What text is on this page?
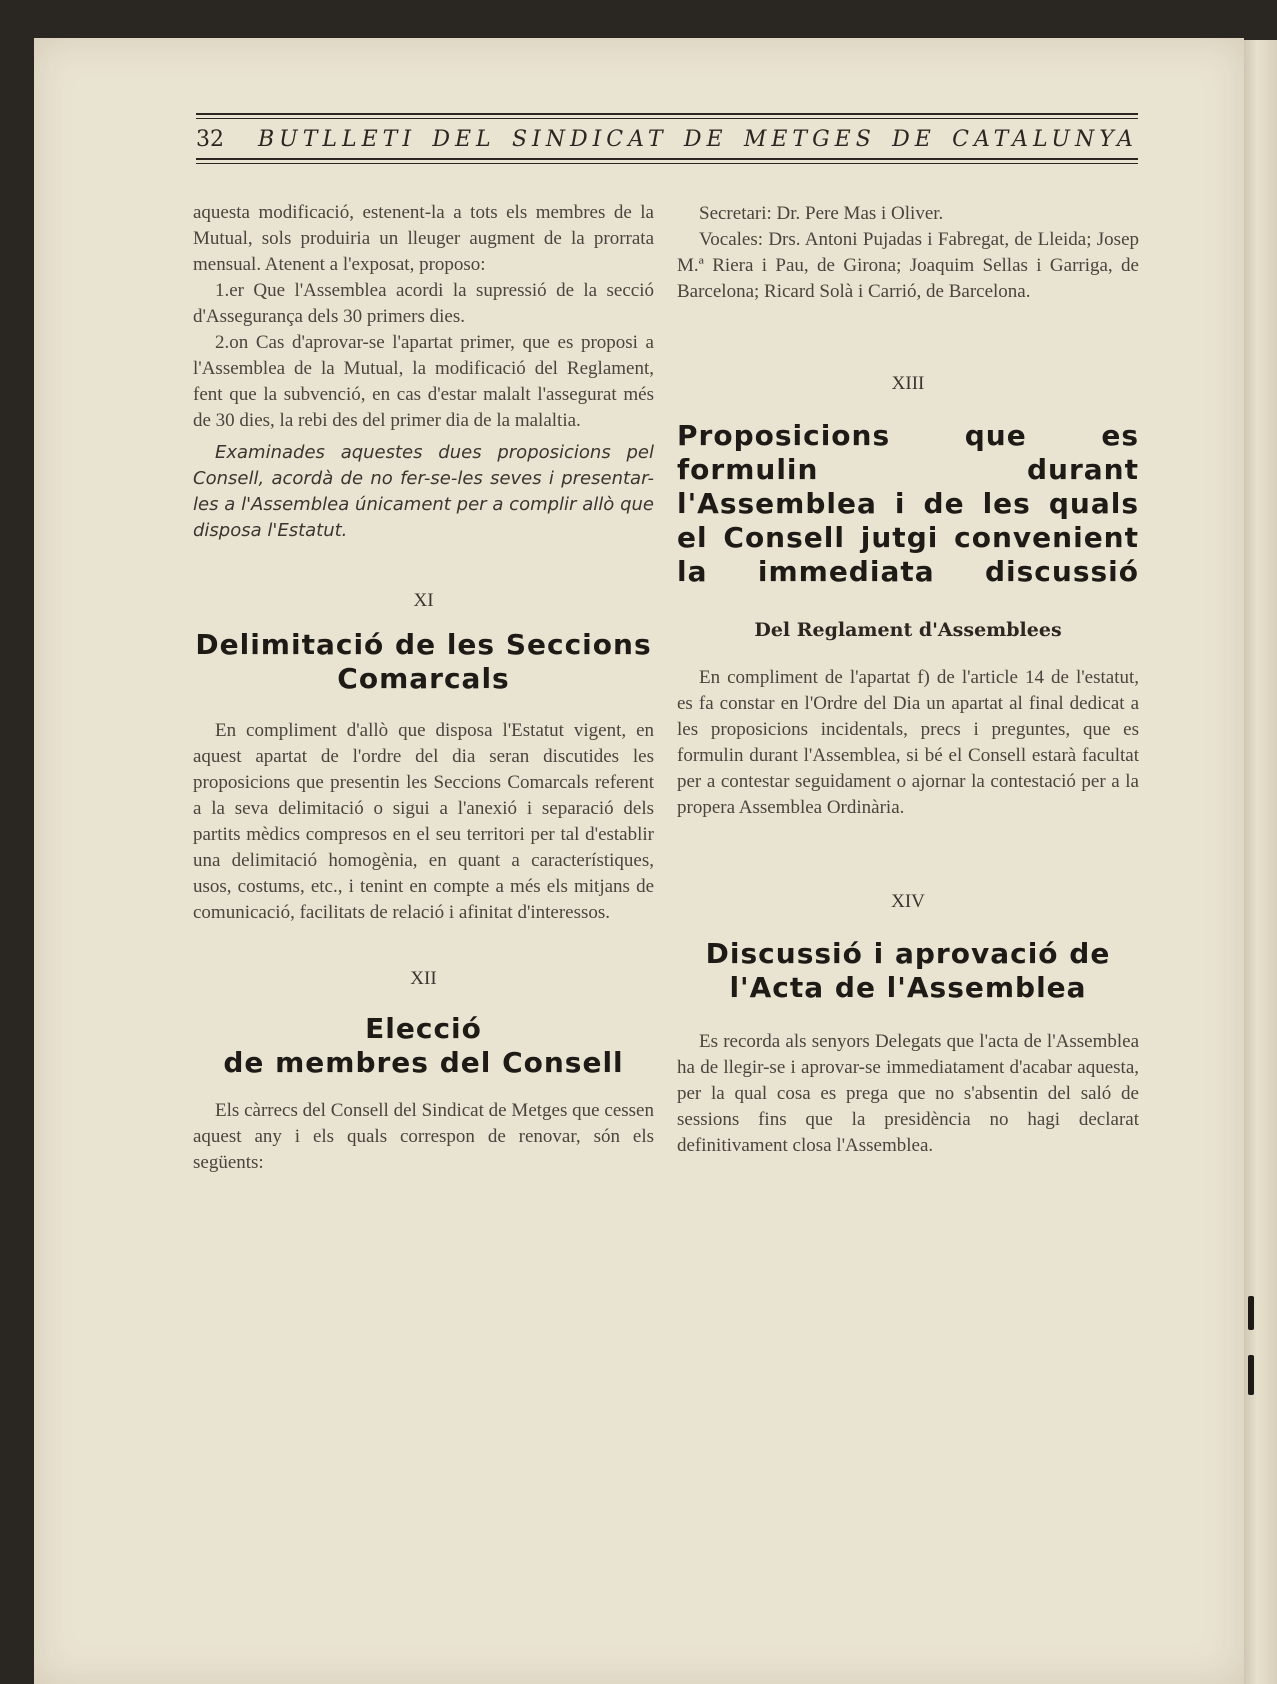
32 BUTLLETI DEL SINDICAT DE METGES DE CATALUNYA

aquesta modificació, estenent-la a tots els membres de la Mutual, sols produiria un lleuger augment de la prorrata mensual. Atenent a l'exposat, proposo:

1.er Que l'Assemblea acordi la supressió de la secció d'Assegurança dels 30 primers dies.

2.on Cas d'aprovar-se l'apartat primer, que es proposi a l'Assemblea de la Mutual, la modificació del Reglament, fent que la subvenció, en cas d'estar malalt l'assegurat més de 30 dies, la rebi des del primer dia de la malaltia.

Examinades aquestes dues proposicions pel Consell, acordà de no fer-se-les seves i presentar-les a l'Assemblea únicament per a complir allò que disposa l'Estatut.

XI
Delimitació de les Seccions Comarcals

En compliment d'allò que disposa l'Estatut vigent, en aquest apartat de l'ordre del dia seran discutides les proposicions que presentin les Seccions Comarcals referent a la seva delimitació o sigui a l'anexió i separació dels partits mèdics compresos en el seu territori per tal d'establir una delimitació homogènia, en quant a característiques, usos, costums, etc., i tenint en compte a més els mitjans de comunicació, facilitats de relació i afinitat d'interessos.

XII
Elecció
de membres del Consell

Els càrrecs del Consell del Sindicat de Metges que cessen aquest any i els quals correspon de renovar, són els següents:

Secretari: Dr. Pere Mas i Oliver.

Vocales: Drs. Antoni Pujadas i Fabregat, de Lleida; Josep M.ª Riera i Pau, de Girona; Joaquim Sellas i Garriga, de Barcelona; Ricard Solà i Carrió, de Barcelona.

XIII
Proposicions que es formulin durant l'Assemblea i de les quals el Consell jutgi convenient la immediata discussió
Del Reglament d'Assemblees

En compliment de l'apartat f) de l'article 14 de l'estatut, es fa constar en l'Ordre del Dia un apartat al final dedicat a les proposicions incidentals, precs i preguntes, que es formulin durant l'Assemblea, si bé el Consell estarà facultat per a contestar seguidament o ajornar la contestació per a la propera Assemblea Ordinària.

XIV
Discussió i aprovació de l'Acta de l'Assemblea

Es recorda als senyors Delegats que l'acta de l'Assemblea ha de llegir-se i aprovar-se immediatament d'acabar aquesta, per la qual cosa es prega que no s'absentin del saló de sessions fins que la presidència no hagi declarat definitivament closa l'Assemblea.
